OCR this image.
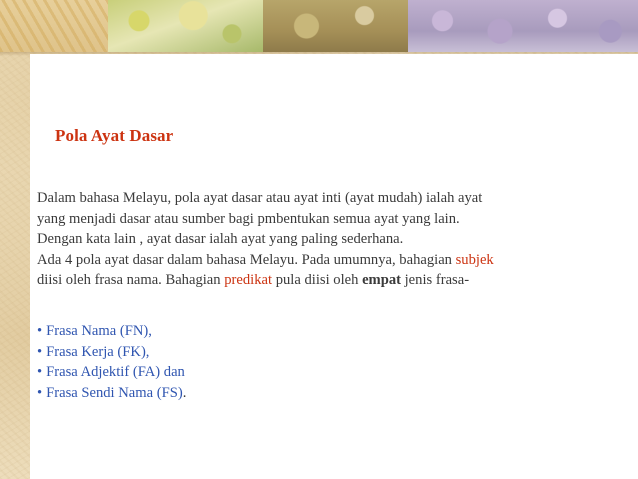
Pola Ayat Dasar

Dalam bahasa Melayu, pola ayat dasar atau ayat inti (ayat mudah) ialah ayat

yang menjadi dasar atau sumber bagi pmbentukan semua ayat yang lain.

Dengan kata lain , ayat dasar ialah ayat yang paling sederhana.

Ada 4 pola ayat dasar dalam bahasa Melayu. Pada umumnya, bahagian subjek

diisi oleh frasa nama. Bahagian predikat pula diisi oleh empat jenis frasa-

• Frasa Nama (FN),
• Frasa Kerja (FK),
• Frasa Adjektif (FA) dan
• Frasa Sendi Nama (FS).
